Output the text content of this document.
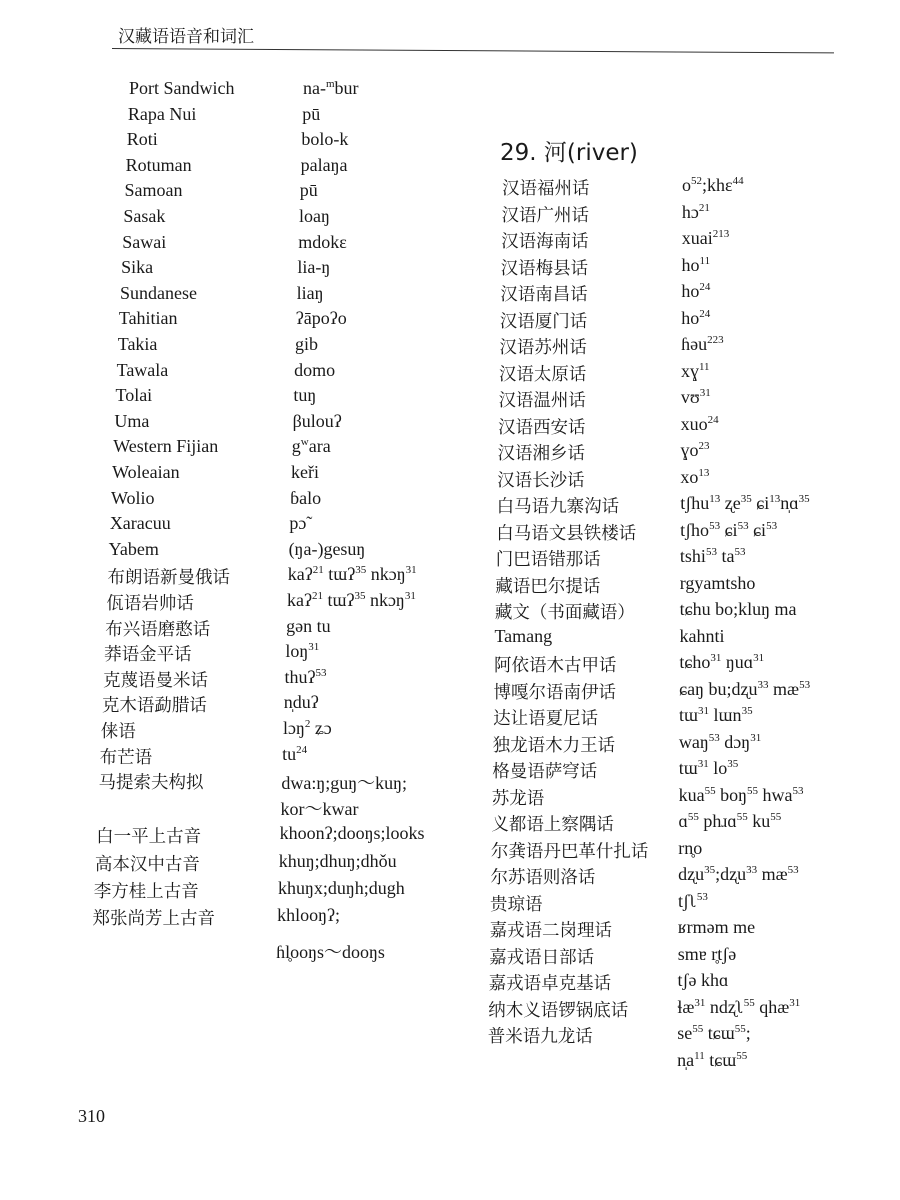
汉藏语语音和词汇
Port Sandwich	na-$^m$bur
Rapa Nui	pū
Roti	bolo-k
Rotuman	palaŋa
Samoan	pū
Sasak	loaŋ
Sawai	mdokɛ
Sika	lia-ŋ
Sundanese	liaŋ
Tahitian	ʔāpoʔo
Takia	gib
Tawala	domo
Tolai	tuŋ
Uma	βulouʔ
Western Fijian	$g^wara$
Woleaian	keři
Wolio	ɓalo
Xaracuu	pɔ̃
Yabem	(ŋa-)gesuŋ
布朗语新曼俄话	kaʔ$^{21}$ tɯʔ$^{35}$ nkɔŋ$^{31}$
佤语岩帅话	kaʔ$^{21}$ tɯʔ$^{35}$ nkɔŋ$^{31}$
布兴语磨憨话	gən tu
莽语金平话	loŋ$^{31}$
克蔑语曼米话	thuʔ$^{53}$
克木语勐腊话	n̩duʔ
俫语	lɔŋ$^2$ ʑɔ
布芒语	$tu^{24}$
马提索夫构拟	dwa:ŋ;guŋ～kuŋ;
kor～kwar
白一平上古音	khoonʔ;dooŋs;looks
高本汉中古音	khuŋ;dhuŋ;dhǒu
李方桂上古音	khuŋx;duŋh;dugh
郑张尚芳上古音	khlooŋʔ;
ɦl̥ooŋs～dooŋs
29. 河(river)
汉语福州话	$o^{52};khɛ^{44}$
汉语广州话	hɔ$^{21}$
汉语海南话	xuai$^{213}$
汉语梅县话	$ho^{11}$
汉语南昌话	$ho^{24}$
汉语厦门话	$ho^{24}$
汉语苏州话	ɦəu$^{223}$
汉语太原话	xɣ$^{11}$
汉语温州话	vʊ$^{31}$
汉语西安话	xuo$^{24}$
汉语湘乡话	ɣo$^{23}$
汉语长沙话	$xo^{13}$
白马语九寨沟话	tʃhu$^{13}$ ʐe$^{35}$ ɕi$^{13}$n̩ɑ$^{35}$
白马语文县铁楼话 tʃho$^{53}$ ɕi$^{53}$ ɕi$^{53}$
门巴语错那话	tshi$^{53}$ $ta^{53}$
藏语巴尔提话	rgyamtsho
藏文（书面藏语） tɕhu bo;kluŋ ma
Tamang	kahnti
阿依语木古甲话	tɕho$^{31}$ ŋuɑ$^{31}$
博嘎尔语南伊话	ɕaŋ bu;dʐu$^{33}$ $mæ^{53}$
达让语夏尼话	tɯ$^{31}$ lɯn$^{35}$
独龙语木力王话	waŋ$^{53}$ dɔŋ$^{31}$
格曼语萨穹话	tɯ$^{31}$ $lo^{35}$
苏龙语	kua$^{55}$ boŋ$^{55}$ hwa$^{53}$
义都语上察隅话	ɑ$^{55}$ phɹɑ$^{55}$ $ku^{55}$
尔龚语丹巴革什扎话 rn̥o
尔苏语则洛话	dʐu$^{35}$;dʐu$^{33}$ $mæ^{53}$
贵琼语	tʃʅ$^{53}$
嘉戎语二岗理话	ʁrməm me
嘉戎语日部话	smɐ r̥tʃə
嘉戎语卓克基话	tʃə khɑ
纳木义语锣锅底话	ɬæ$^{31}$ ndʐʅ$^{55}$ qhæ$^{31}$
普米语九龙话	$se^{55}$ tɕɯ$^{55}$;
$n̩a^{11}$ tɕɯ$^{55}$
310
